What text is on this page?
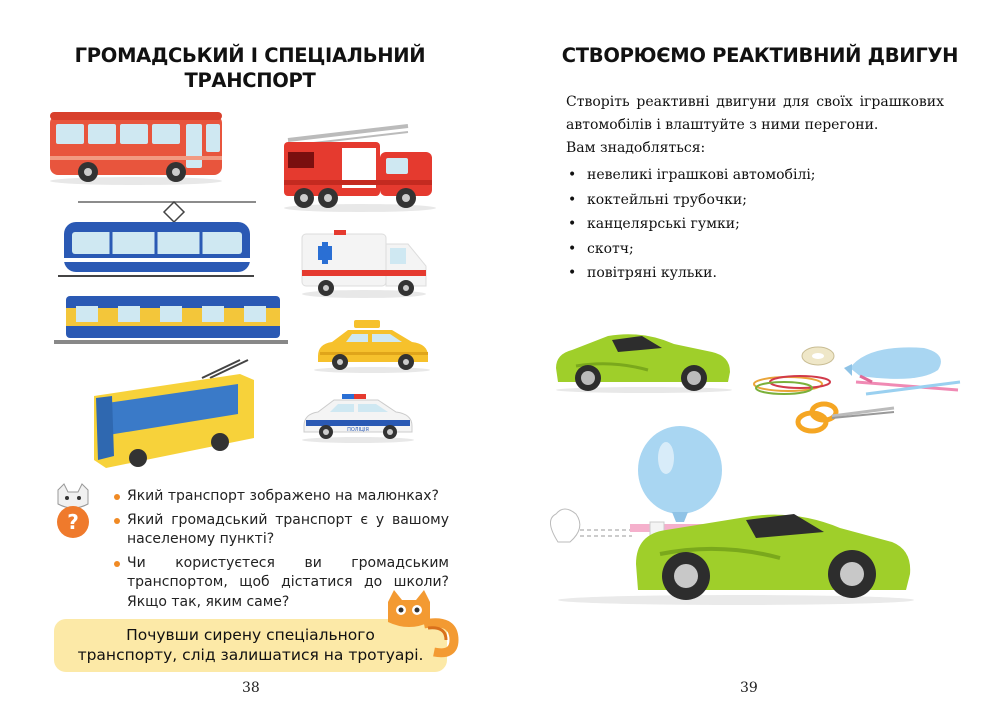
ГРОМАДСЬКИЙ І СПЕЦІАЛЬНИЙ
ТРАНСПОРТ
ПОЛІЦІЯ
?
Який транспорт зображено на малюнках?
Який громадський транспорт є у вашому населеному пункті?
Чи користуєтеся ви громадським транспортом, щоб дістатися до школи? Якщо так, яким саме?
Почувши сирену спеціального
транспорту, слід залишатися на тротуарі.
38
СТВОРЮЄМО РЕАКТИВНИЙ ДВИГУН
Створіть реактивні двигуни для своїх іграшкових автомобілів і влаштуйте з ними перегони.
Вам знадобляться:
• невеликі іграшкові автомобілі;
• коктейльні трубочки;
• канцелярські гумки;
• скотч;
• повітряні кульки.
39
